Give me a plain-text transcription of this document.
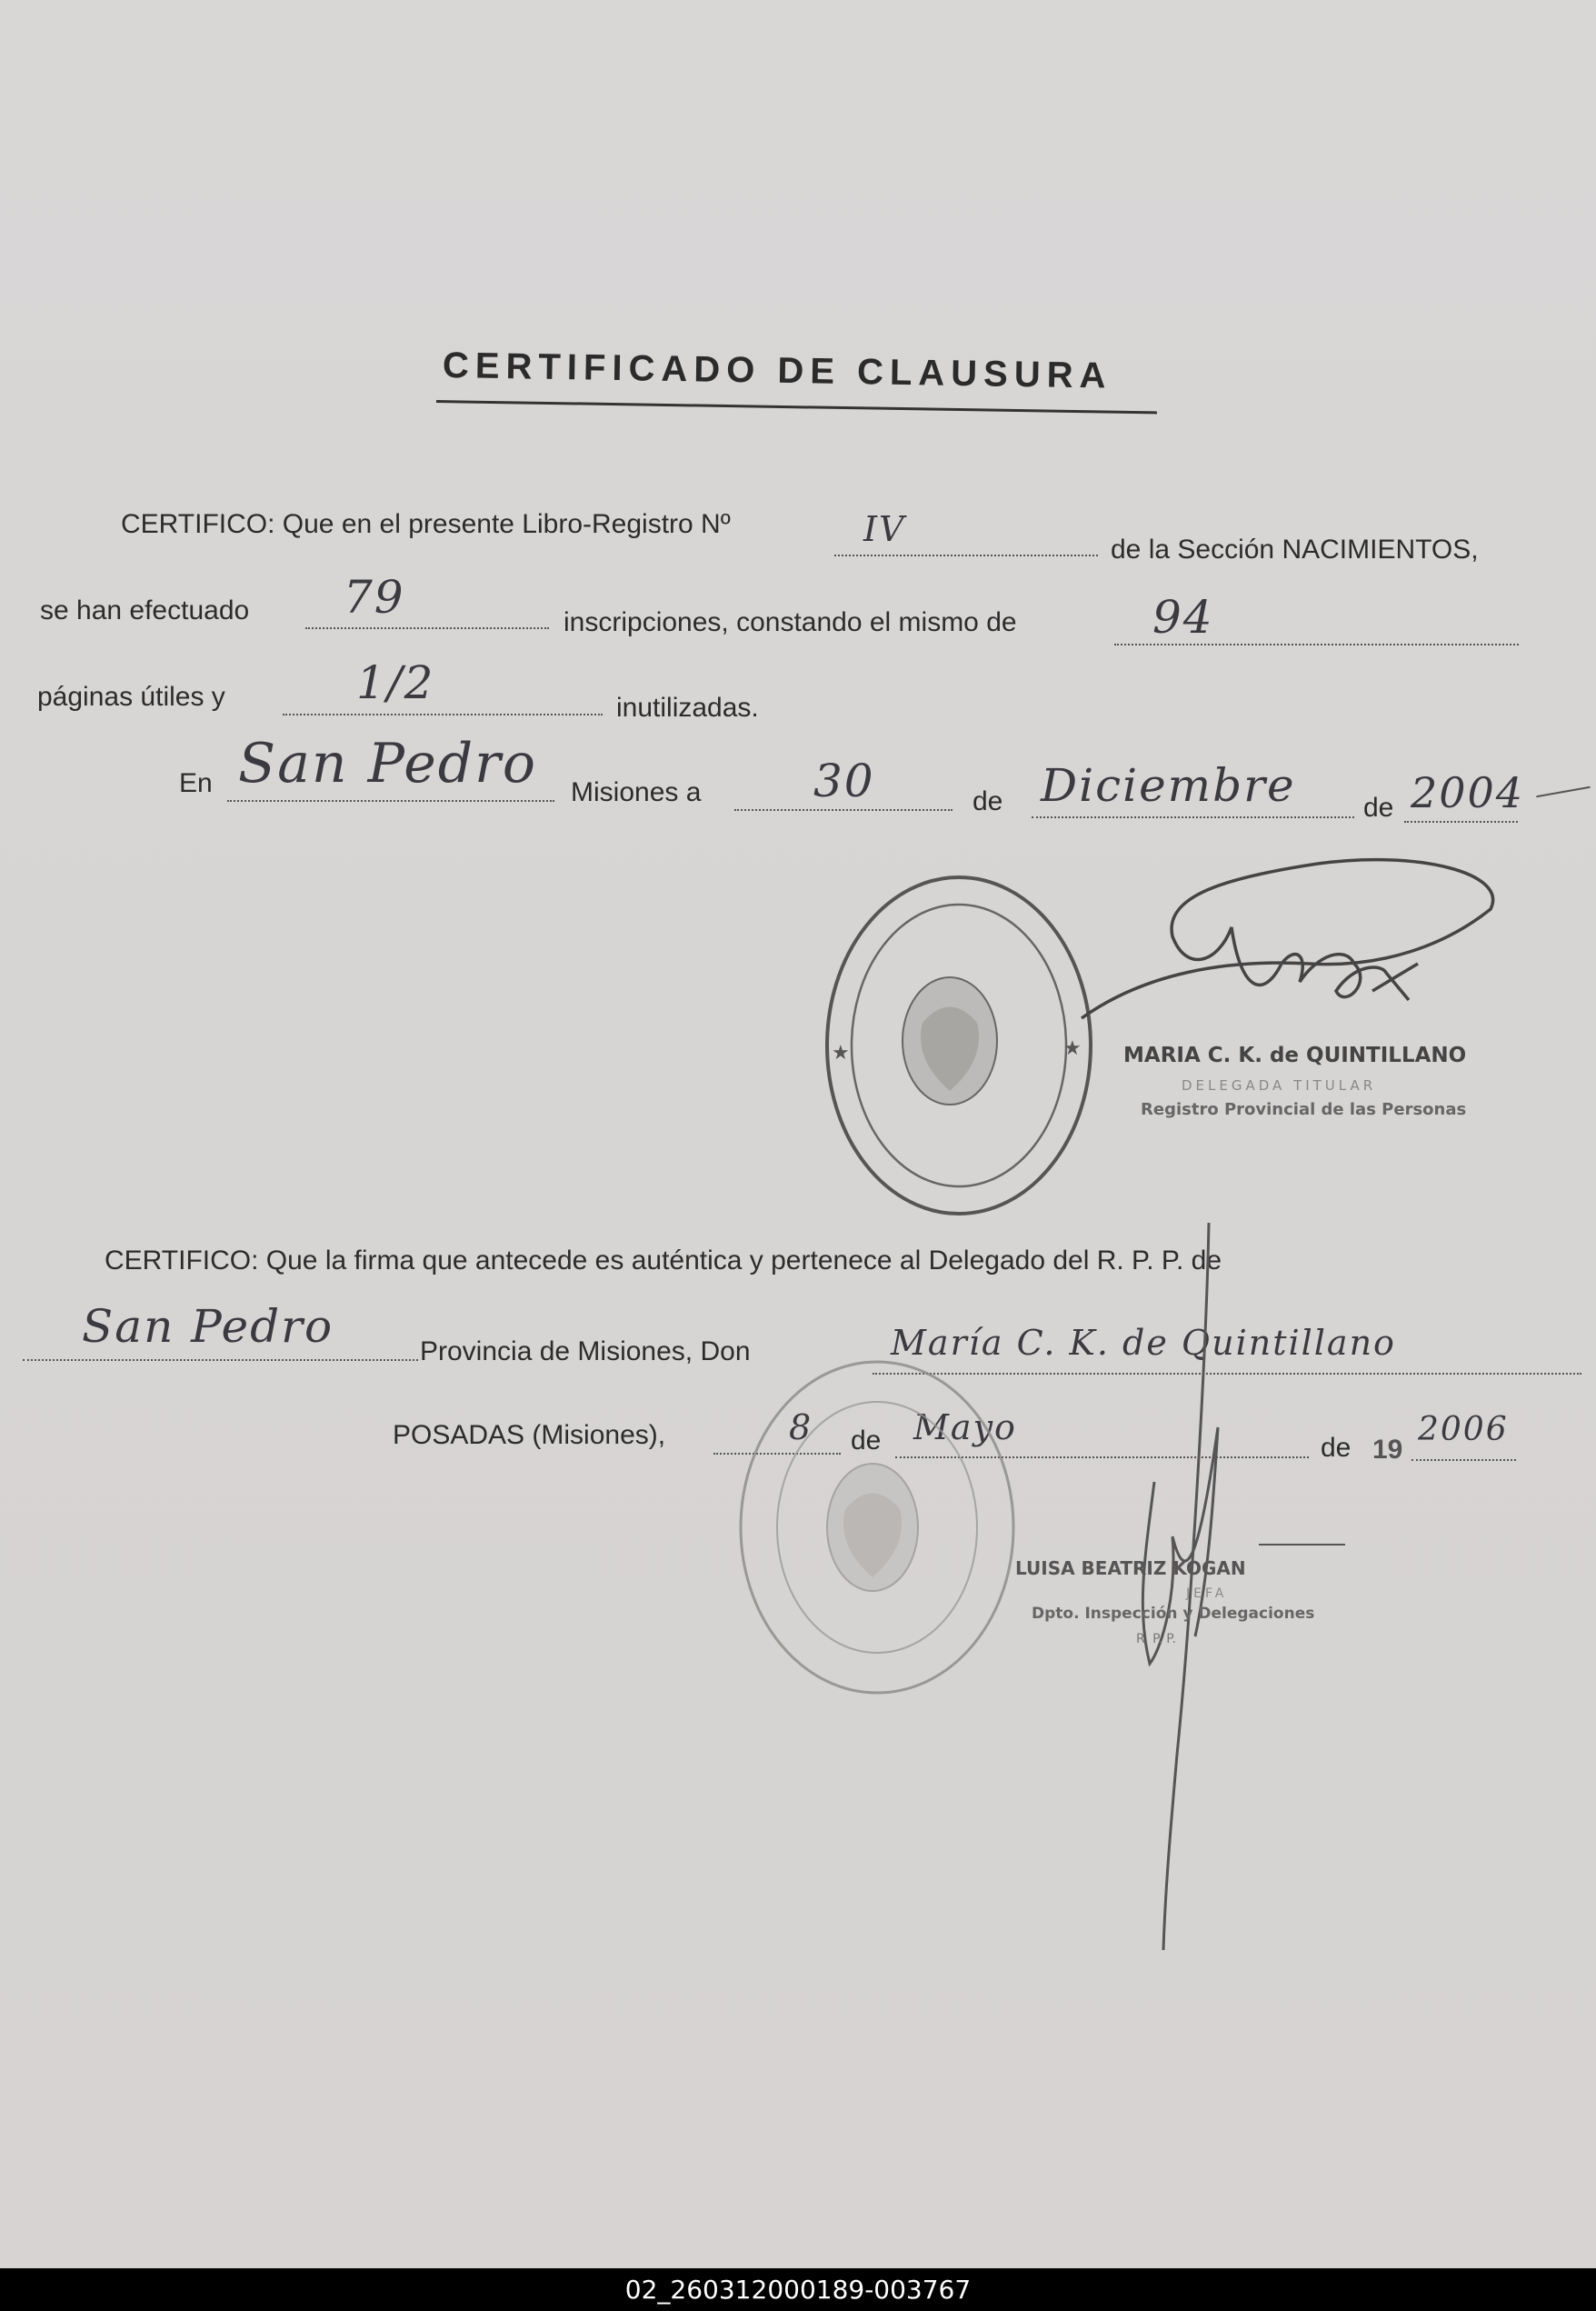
CERTIFICADO DE CLAUSURA
CERTIFICO: Que en el presente Libro-Registro Nº	IV
de la Sección NACIMIENTOS,
se han efectuado 79	inscripciones, constando el mismo de	94
páginas útiles y	1/2	inutilizadas.
En San Pedro Misiones a 30	de Diciembre de 2004
★
★	MARIA C. K. de QUINTILLANO
DELEGADA TITULAR
Registro Provincial de las Personas
CERTIFICO: Que la firma que antecede es auténtica y pertenece al Delegado del R. P. P. de
San Pedro	Provincia de Misiones, Don	María C. K. de Quintillano
POSADAS (Misiones),	8 de Mayo
de 19
2006
LUISA BEATRIZ KOGAN
JEFA
Dpto. Inspección y Delegaciones
R. P. P.
02_260312000189-003767
